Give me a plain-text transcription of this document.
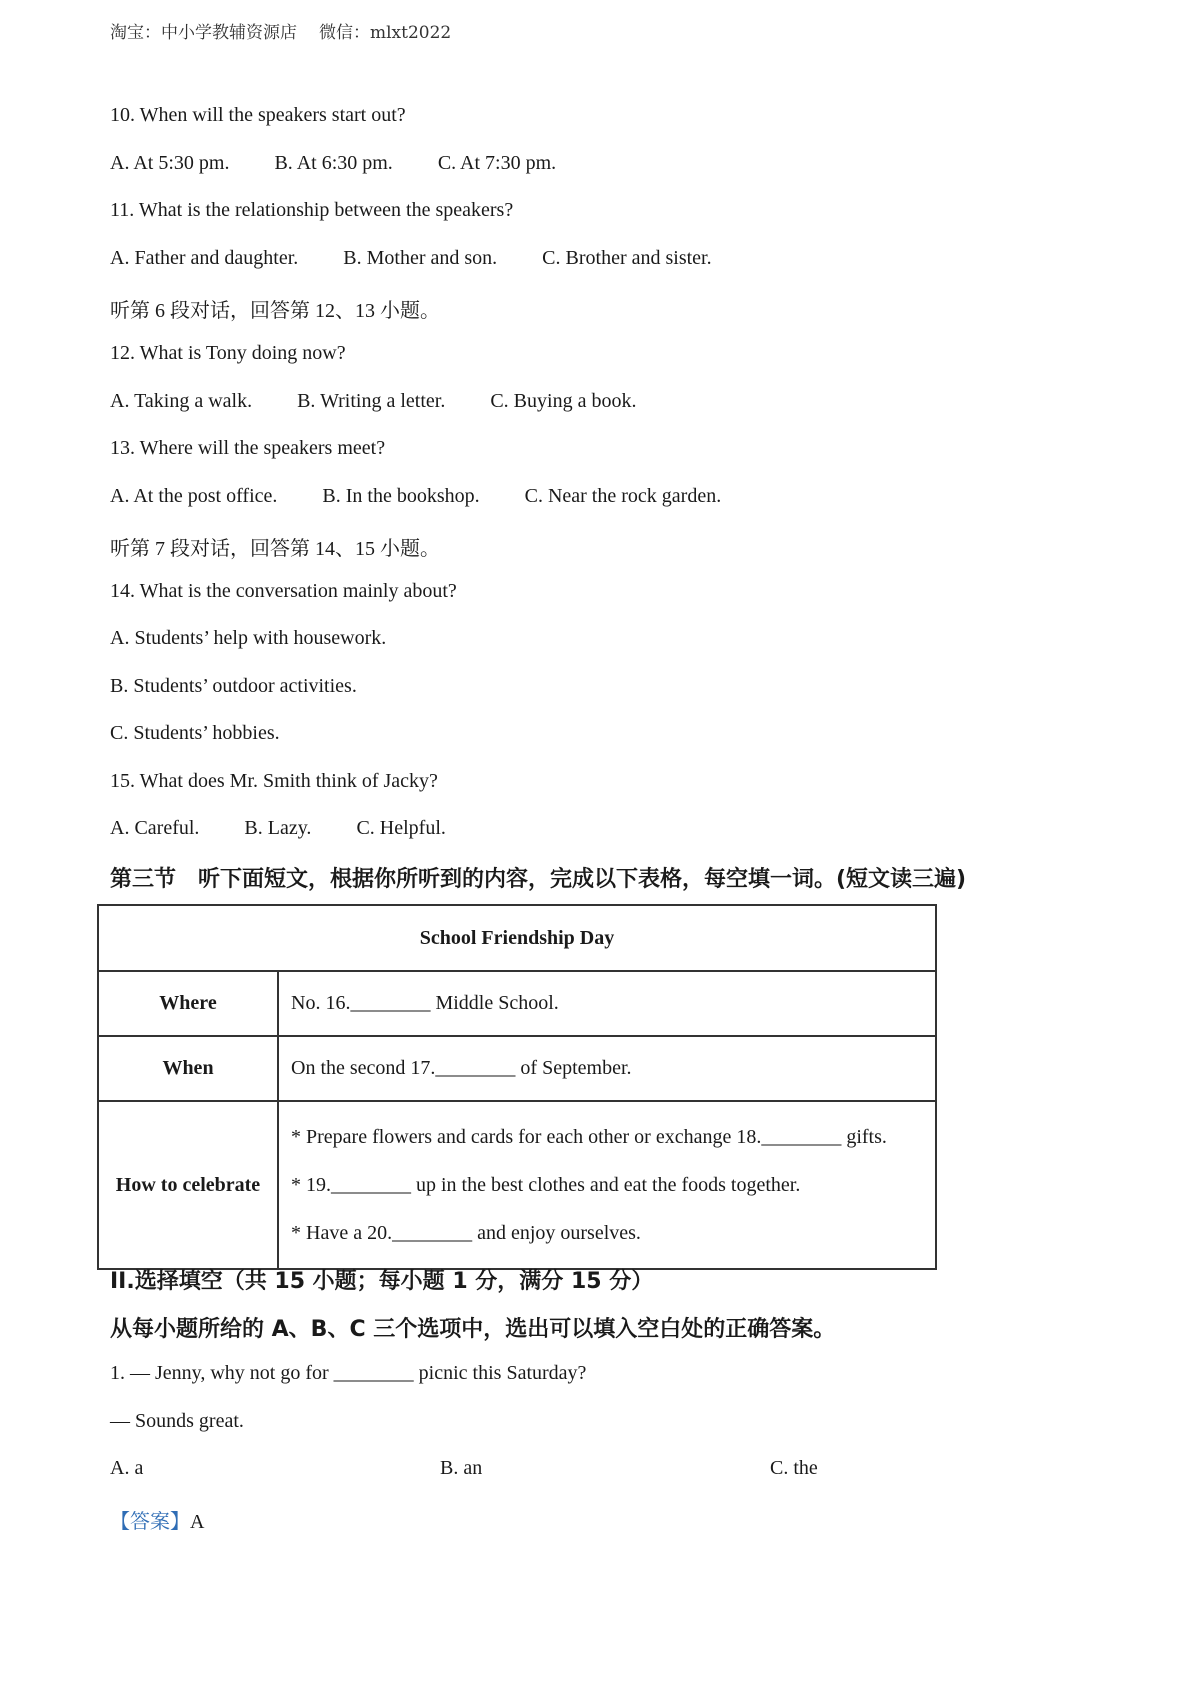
淘宝：中小学教辅资源店 微信：mlxt2022
10. When will the speakers start out?
A. At 5:30 pm. B. At 6:30 pm. C. At 7:30 pm.
11. What is the relationship between the speakers?
A. Father and daughter. B. Mother and son. C. Brother and sister.
听第 6 段对话，回答第 12、13 小题。
12. What is Tony doing now?
A. Taking a walk. B. Writing a letter. C. Buying a book.
13. Where will the speakers meet?
A. At the post office. B. In the bookshop. C. Near the rock garden.
听第 7 段对话，回答第 14、15 小题。
14. What is the conversation mainly about?
A. Students’ help with housework.
B. Students’ outdoor activities.
C. Students’ hobbies.
15. What does Mr. Smith think of Jacky?
A. Careful. B. Lazy. C. Helpful.
第三节　听下面短文，根据你所听到的内容，完成以下表格，每空填一词。(短文读三遍)
School Friendship Day	
Where	No. 16.________ Middle School.
When	On the second 17.________ of September.
How to celebrate	* Prepare flowers and cards for each other or exchange 18.________ gifts.
* 19.________ up in the best clothes and eat the foods together.
* Have a 20.________ and enjoy ourselves.
II.选择填空（共 15 小题；每小题 1 分，满分 15 分）
从每小题所给的 A、B、C 三个选项中，选出可以填入空白处的正确答案。
1. — Jenny, why not go for ________ picnic this Saturday?
— Sounds great.
A. a	B. an	C. the
【答案】A
